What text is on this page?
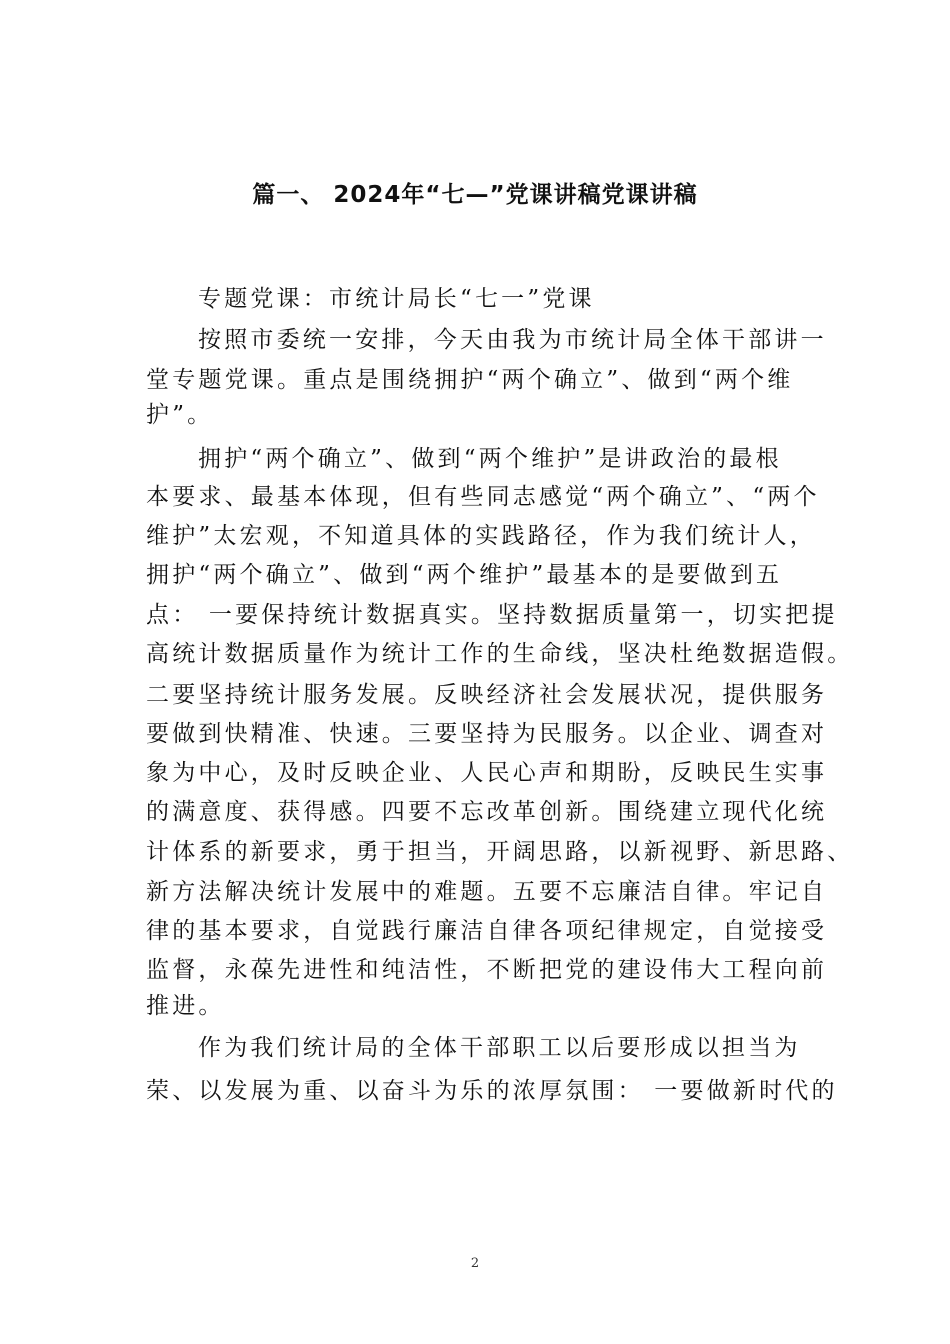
篇一、 2024年“七—”党课讲稿党课讲稿
专题党课：市统计局长“七一”党课
按照市委统一安排，今天由我为市统计局全体干部讲一
堂专题党课。重点是围绕拥护“两个确立”、做到“两个维
护”。
拥护“两个确立”、做到“两个维护”是讲政治的最根
本要求、最基本体现，但有些同志感觉“两个确立”、“两个
维护”太宏观，不知道具体的实践路径，作为我们统计人，
拥护“两个确立”、做到“两个维护”最基本的是要做到五
点： 一要保持统计数据真实。坚持数据质量第一，切实把提
高统计数据质量作为统计工作的生命线，坚决杜绝数据造假。
二要坚持统计服务发展。反映经济社会发展状况，提供服务
要做到快精准、快速。三要坚持为民服务。以企业、调查对
象为中心，及时反映企业、人民心声和期盼，反映民生实事
的满意度、获得感。四要不忘改革创新。围绕建立现代化统
计体系的新要求，勇于担当，开阔思路，以新视野、新思路、
新方法解决统计发展中的难题。五要不忘廉洁自律。牢记自
律的基本要求，自觉践行廉洁自律各项纪律规定，自觉接受
监督，永葆先进性和纯洁性，不断把党的建设伟大工程向前
推进。
作为我们统计局的全体干部职工以后要形成以担当为
荣、以发展为重、以奋斗为乐的浓厚氛围： 一要做新时代的
2
